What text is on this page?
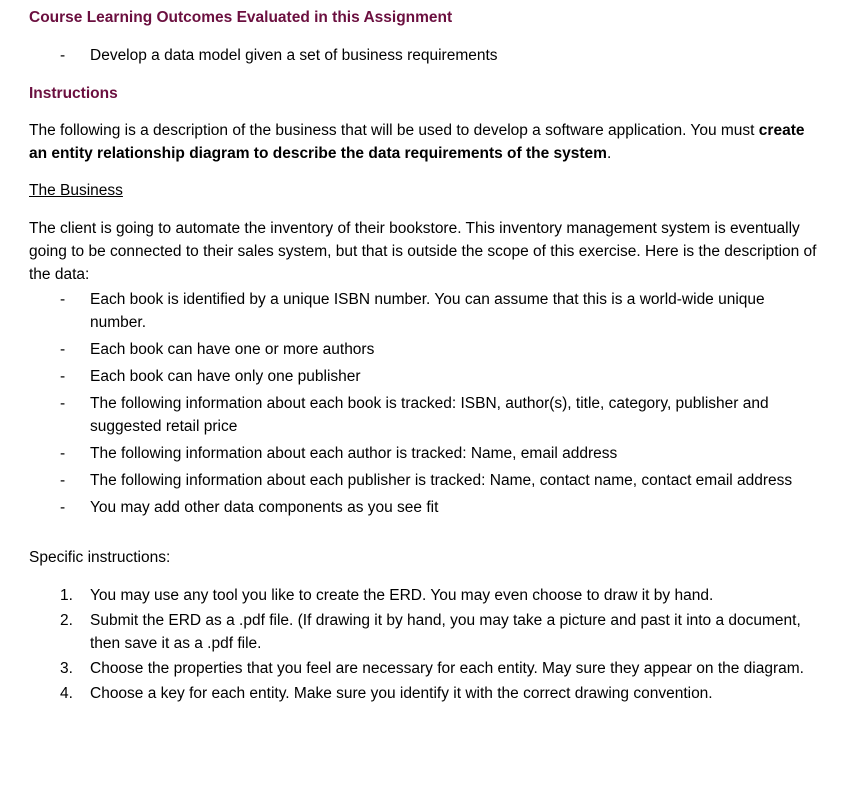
Course Learning Outcomes Evaluated in this Assignment

- Develop a data model given a set of business requirements

Instructions

The following is a description of the business that will be used to develop a software application. You must create an entity relationship diagram to describe the data requirements of the system.

The Business

The client is going to automate the inventory of their bookstore. This inventory management system is eventually going to be connected to their sales system, but that is outside the scope of this exercise. Here is the description of the data:

- Each book is identified by a unique ISBN number. You can assume that this is a world-wide unique number.
- Each book can have one or more authors
- Each book can have only one publisher
- The following information about each book is tracked: ISBN, author(s), title, category, publisher and suggested retail price
- The following information about each author is tracked: Name, email address
- The following information about each publisher is tracked: Name, contact name, contact email address
- You may add other data components as you see fit

Specific instructions:

1. You may use any tool you like to create the ERD. You may even choose to draw it by hand.
2. Submit the ERD as a .pdf file. (If drawing it by hand, you may take a picture and past it into a document, then save it as a .pdf file.
3. Choose the properties that you feel are necessary for each entity. May sure they appear on the diagram.
4. Choose a key for each entity. Make sure you identify it with the correct drawing convention.
